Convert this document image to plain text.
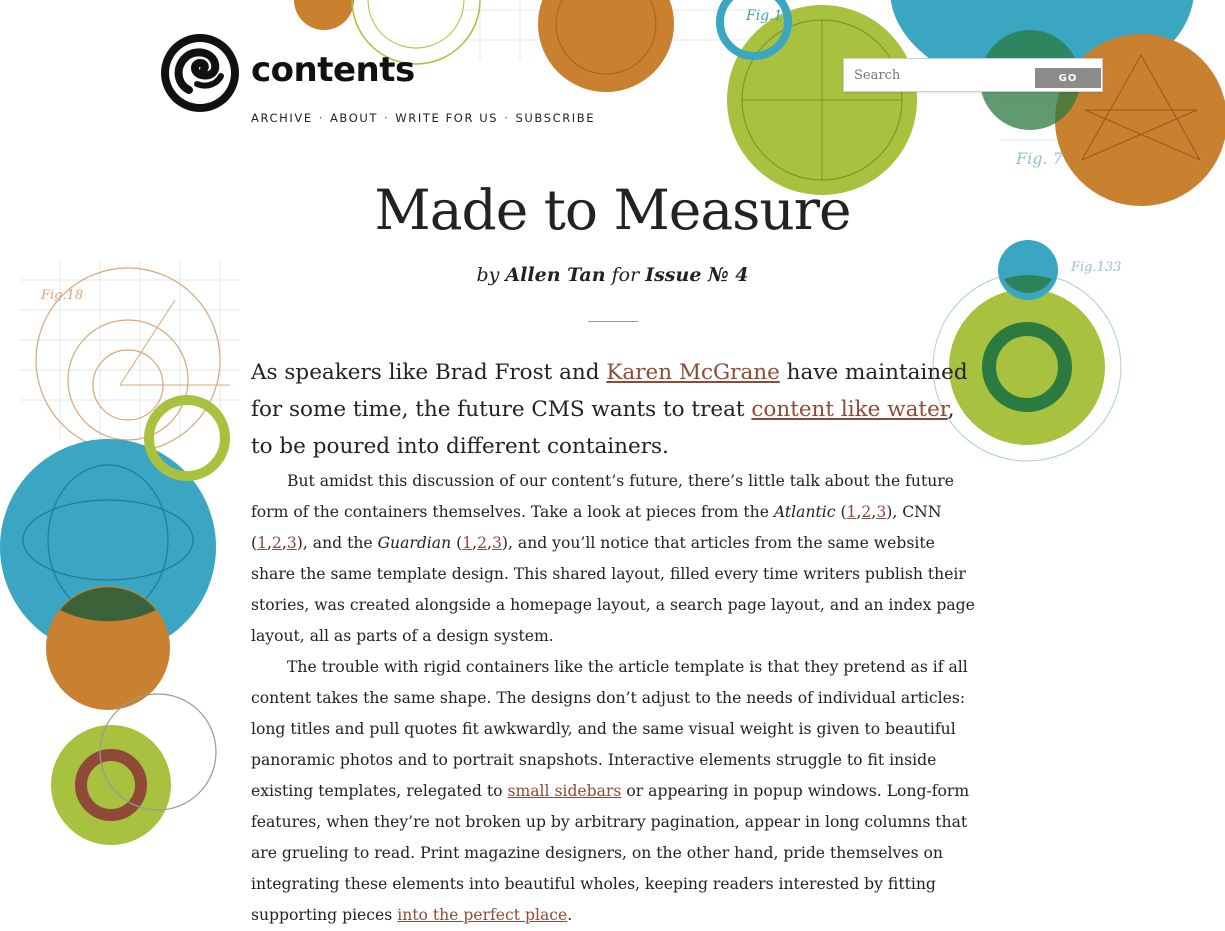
Fig.10
Fig. 7
Fig.133
Fig.18
contents
ARCHIVE · ABOUT · WRITE FOR US · SUBSCRIBE
Search
GO
Made to Measure
by Allen Tan for Issue № 4

As speakers like Brad Frost and Karen McGrane have maintained for some time, the future CMS wants to treat content like water, to be poured into different containers.

But amidst this discussion of our content’s future, there’s little talk about the future form of the containers themselves. Take a look at pieces from the Atlantic (1,2,3), CNN (1,2,3), and the Guardian (1,2,3), and you’ll notice that articles from the same website share the same template design. This shared layout, filled every time writers publish their stories, was created alongside a homepage layout, a search page layout, and an index page layout, all as parts of a design system.

The trouble with rigid containers like the article template is that they pretend as if all content takes the same shape. The designs don’t adjust to the needs of individual articles: long titles and pull quotes fit awkwardly, and the same visual weight is given to beautiful panoramic photos and to portrait snapshots. Interactive elements struggle to fit inside existing templates, relegated to small sidebars or appearing in popup windows. Long-form features, when they’re not broken up by arbitrary pagination, appear in long columns that are grueling to read. Print magazine designers, on the other hand, pride themselves on integrating these elements into beautiful wholes, keeping readers interested by fitting supporting pieces into the perfect place.
